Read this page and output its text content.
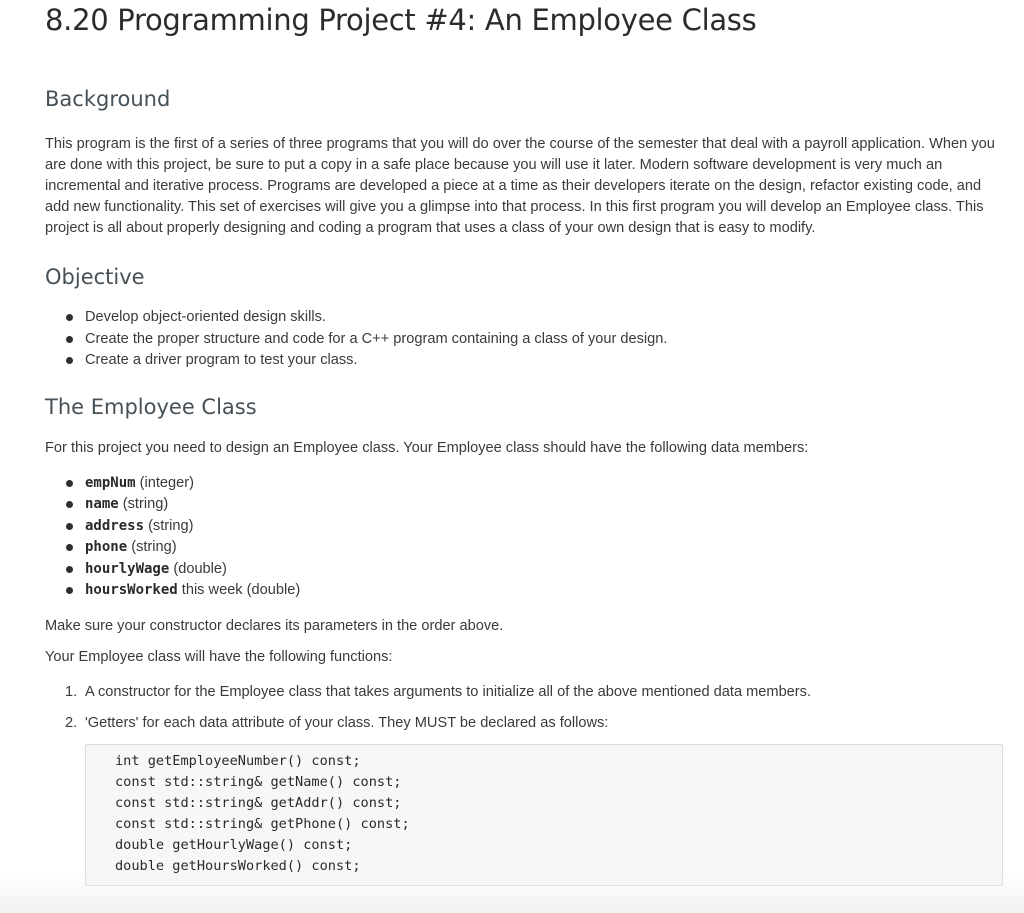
8.20 Programming Project #4: An Employee Class
Background

This program is the first of a series of three programs that you will do over the course of the semester that deal with a payroll application. When you are done with this project, be sure to put a copy in a safe place because you will use it later. Modern software development is very much an incremental and iterative process. Programs are developed a piece at a time as their developers iterate on the design, refactor existing code, and add new functionality. This set of exercises will give you a glimpse into that process. In this first program you will develop an Employee class. This project is all about properly designing and coding a program that uses a class of your own design that is easy to modify.

Objective
Develop object-oriented design skills.
Create the proper structure and code for a C++ program containing a class of your design.
Create a driver program to test your class.
The Employee Class

For this project you need to design an Employee class. Your Employee class should have the following data members:

empNum (integer)
name (string)
address (string)
phone (string)
hourlyWage (double)
hoursWorked this week (double)

Make sure your constructor declares its parameters in the order above.

Your Employee class will have the following functions:

1. A constructor for the Employee class that takes arguments to initialize all of the above mentioned data members.
2. 'Getters' for each data attribute of your class. They MUST be declared as follows:
int getEmployeeNumber() const;
const std::string& getName() const;
const std::string& getAddr() const;
const std::string& getPhone() const;
double getHourlyWage() const;
double getHoursWorked() const;
